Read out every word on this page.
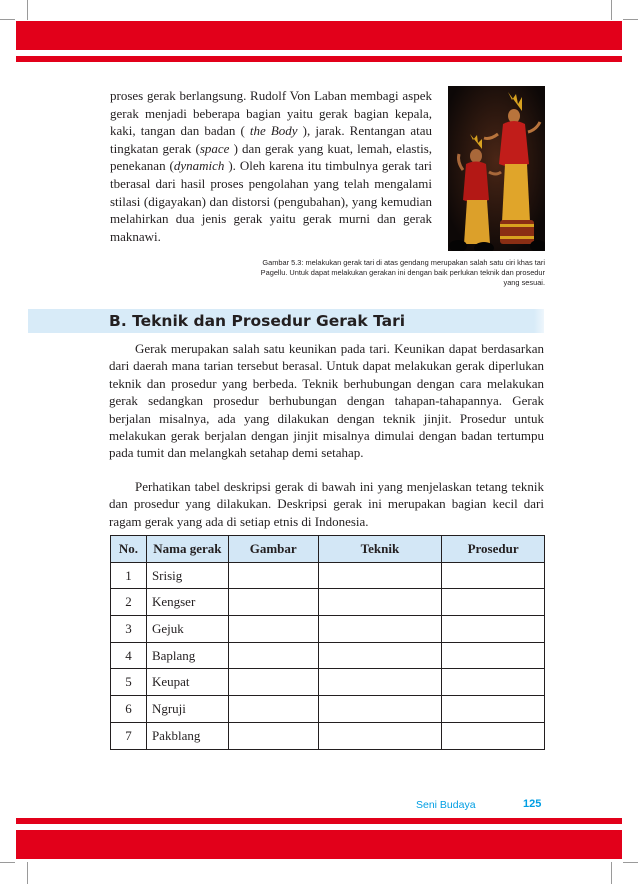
proses gerak berlangsung. Rudolf Von Laban membagi aspek gerak menjadi beberapa bagian yaitu gerak bagian kepala, kaki, tangan dan badan ( the Body ), jarak. Rentangan atau tingkatan gerak (space ) dan gerak yang kuat, lemah, elastis, penekanan (dynamich ). Oleh karena itu timbulnya gerak tari tberasal dari hasil proses pengolahan yang telah mengalami stilasi (digayakan) dan distorsi (pengubahan), yang kemudian melahirkan dua jenis gerak yaitu gerak murni dan gerak maknawi.
Gambar 5.3: melakukan gerak tari di atas gendang merupakan salah satu ciri khas tari Pagellu. Untuk dapat melakukan gerakan ini dengan baik perlukan teknik dan prosedur yang sesuai.
B. Teknik dan Prosedur Gerak Tari
Gerak merupakan salah satu keunikan pada tari. Keunikan dapat berdasarkan dari daerah mana tarian tersebut berasal. Untuk dapat melakukan gerak diperlukan teknik dan prosedur yang berbeda. Teknik berhubungan dengan cara melakukan gerak sedangkan prosedur berhubungan dengan tahapan-tahapannya. Gerak berjalan misalnya, ada yang dilakukan dengan teknik jinjit. Prosedur untuk melakukan gerak berjalan dengan jinjit misalnya dimulai dengan badan tertumpu pada tumit dan melangkah setahap demi setahap.
Perhatikan tabel deskripsi gerak di bawah ini yang menjelaskan tetang teknik dan prosedur yang dilakukan. Deskripsi gerak ini merupakan bagian kecil dari ragam gerak yang ada di setiap etnis di Indonesia.
No.	Nama gerak	Gambar	Teknik	Prosedur
1	Srisig			
2	Kengser			
3	Gejuk			
4	Baplang			
5	Keupat			
6	Ngruji			
7	Pakblang			
Seni Budaya	125
